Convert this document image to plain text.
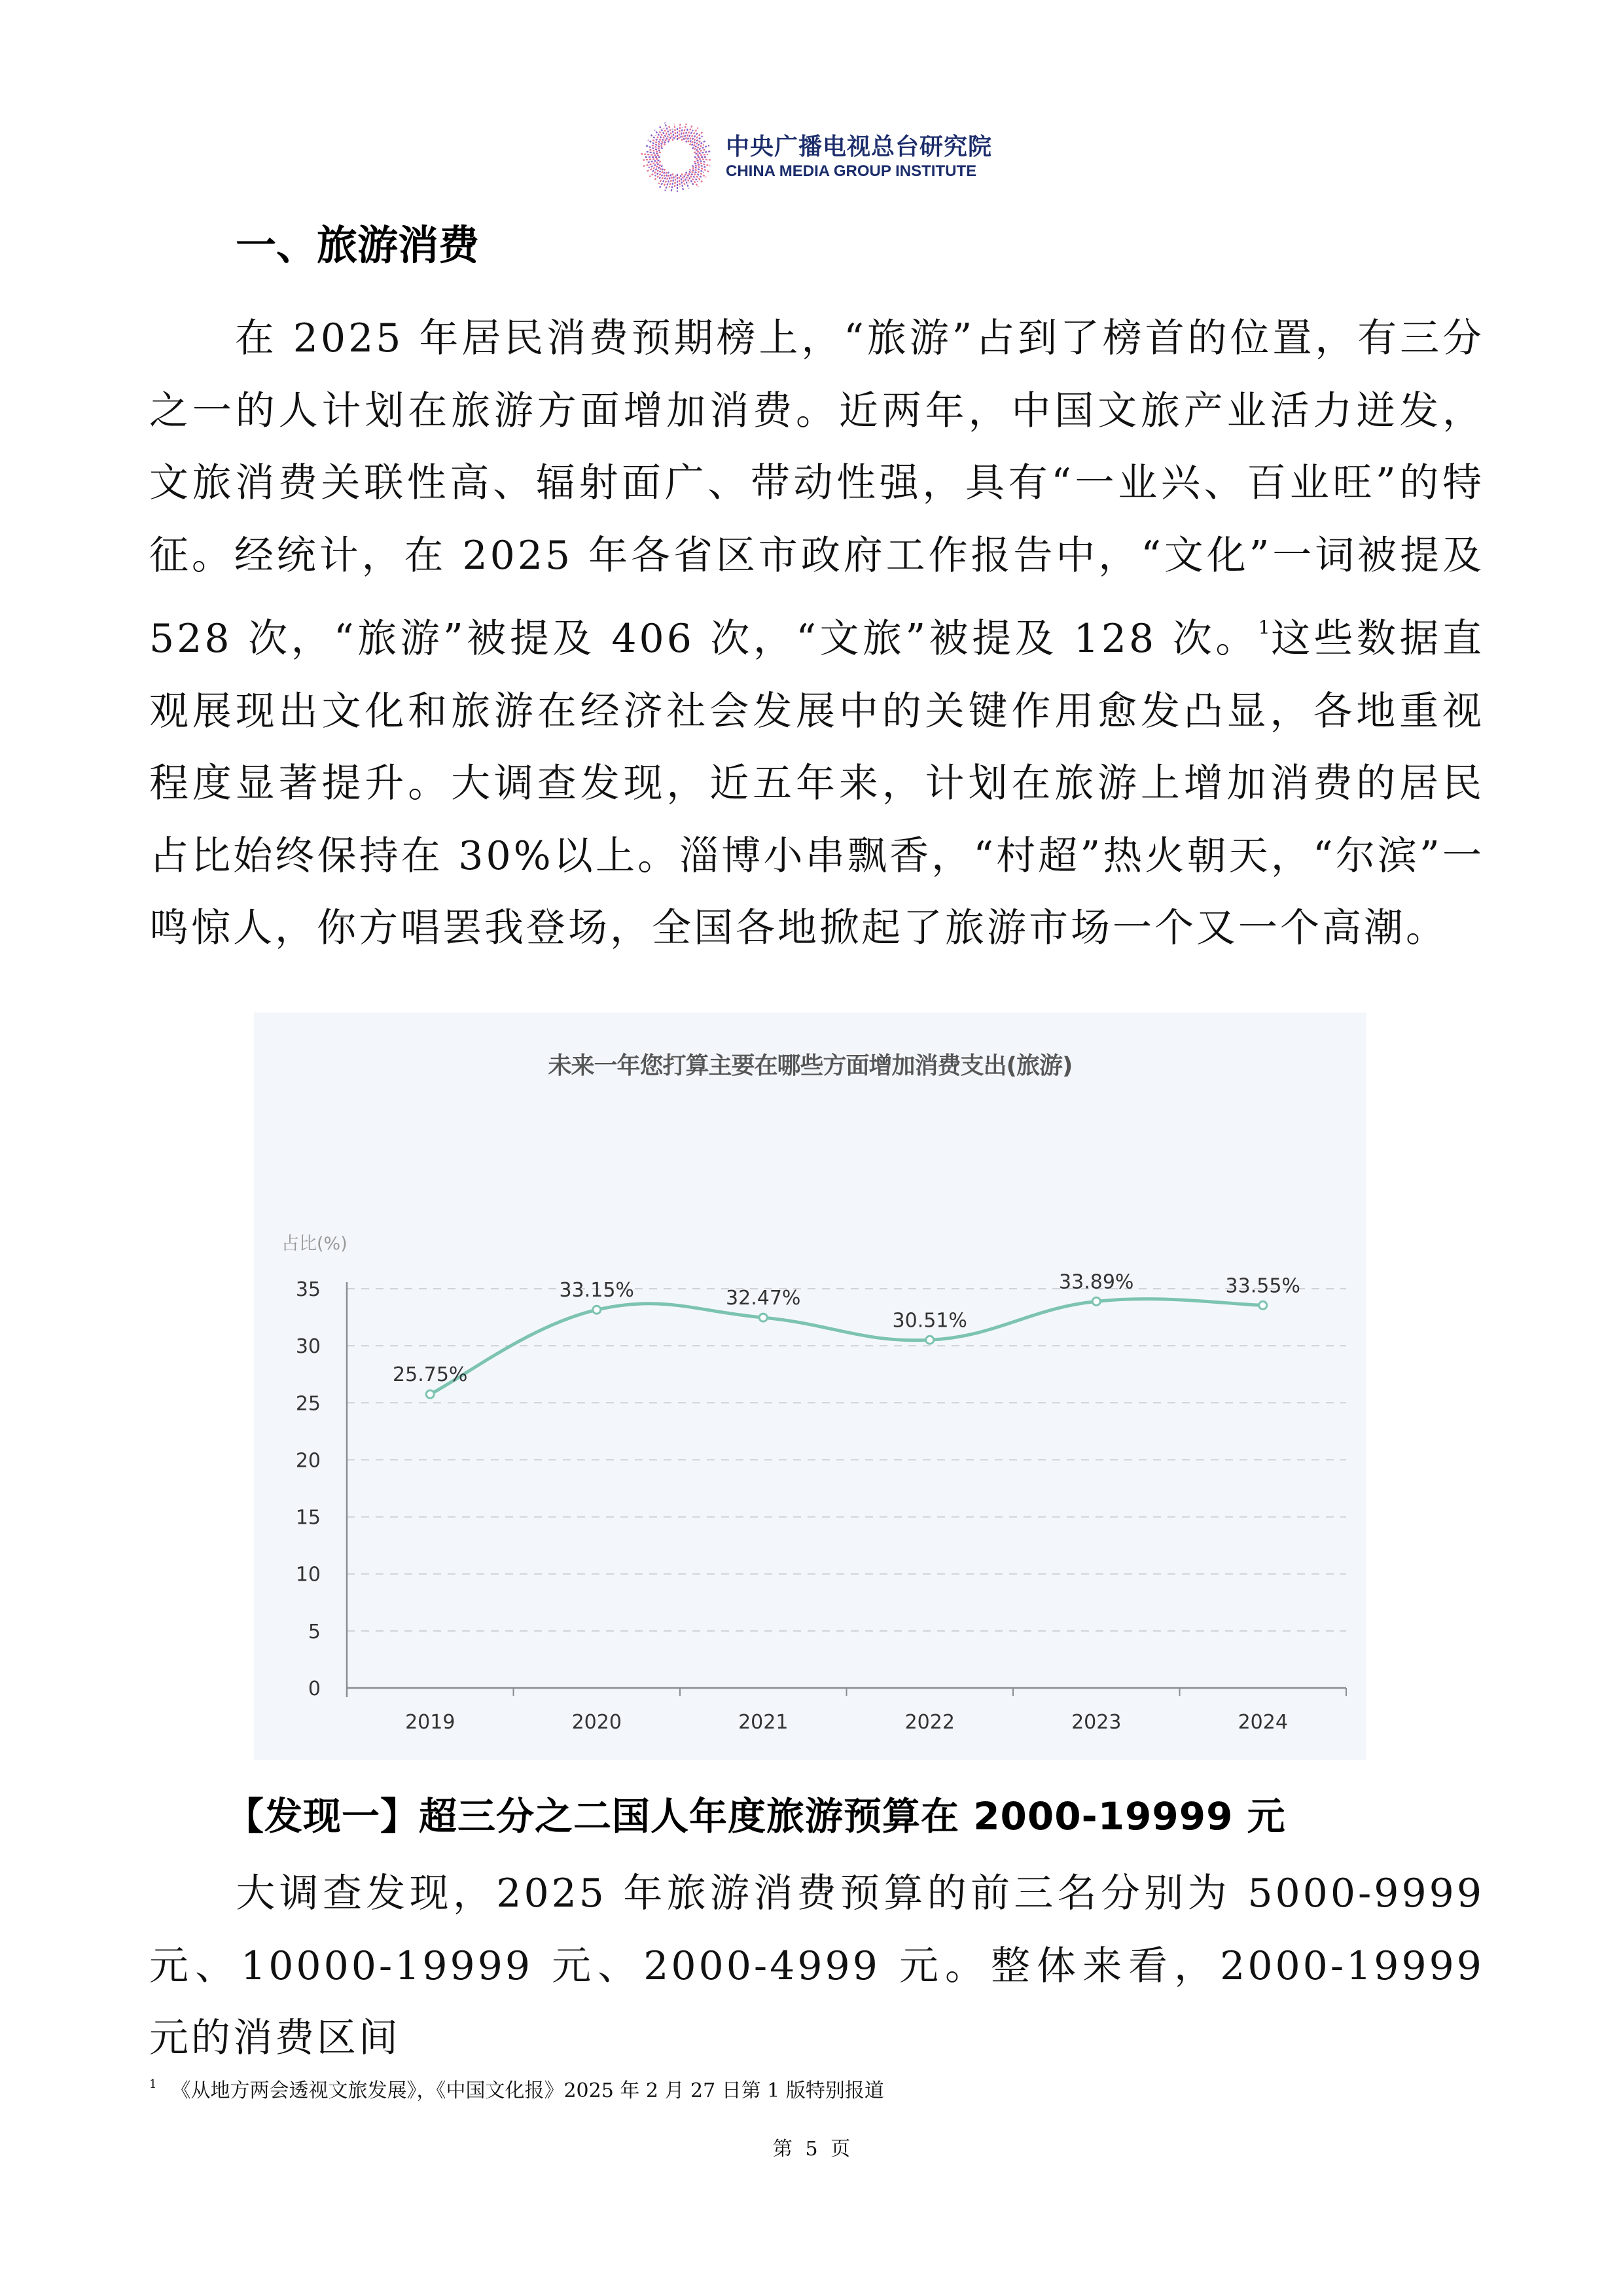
中央广播电视总台研究院
CHINA MEDIA GROUP INSTITUTE
一、旅游消费
在 2025 年居民消费预期榜上，“旅游”占到了榜首的位置，有三分之一的人计划在旅游方面增加消费。近两年，中国文旅产业活力迸发，文旅消费关联性高、辐射面广、带动性强，具有“一业兴、百业旺”的特征。经统计，在 2025 年各省区市政府工作报告中，“文化”一词被提及 528 次，“旅游”被提及 406 次，“文旅”被提及 128 次。$^1$这些数据直观展现出文化和旅游在经济社会发展中的关键作用愈发凸显，各地重视程度显著提升。大调查发现，近五年来，计划在旅游上增加消费的居民占比始终保持在 30%以上。淄博小串飘香，“村超”热火朝天，“尔滨”一鸣惊人，你方唱罢我登场，全国各地掀起了旅游市场一个又一个高潮。
未来一年您打算主要在哪些方面增加消费支出(旅游)
占比(%)
0
5
10
15
20
25
30
35
2019	2020	2021	2022	2023	2024
25.75%
33.15%	32.47%
30.51%
33.89%	33.55%
【发现一】超三分之二国人年度旅游预算在 2000-19999 元
大调查发现，2025 年旅游消费预算的前三名分别为 5000-9999 元、10000-19999 元、2000-4999 元。整体来看，2000-19999 元的消费区间
$^1$ 《从地方两会透视文旅发展》，《中国文化报》2025 年 2 月 27 日第 1 版特别报道
第 5 页
